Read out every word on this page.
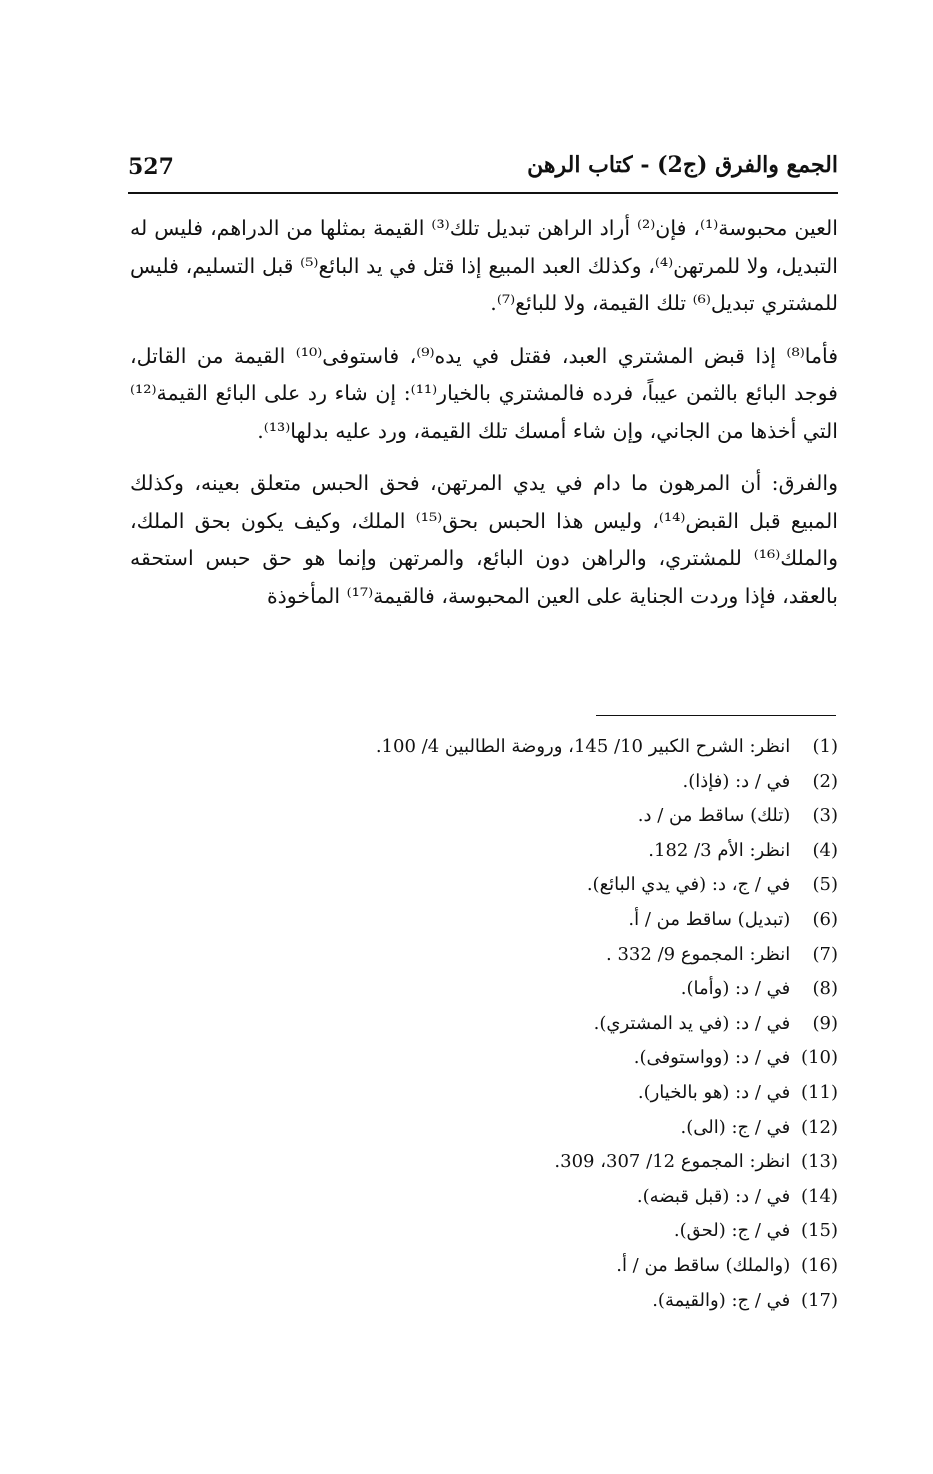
527	الجمع والفرق (ج2) - كتاب الرهن

العين محبوسة⁽¹⁾، فإن⁽²⁾ أراد الراهن تبديل تلك⁽³⁾ القيمة بمثلها من الدراهم، فليس له التبديل، ولا للمرتهن⁽⁴⁾، وكذلك العبد المبيع إذا قتل في يد البائع⁽⁵⁾ قبل التسليم، فليس للمشتري تبديل⁽⁶⁾ تلك القيمة، ولا للبائع⁽⁷⁾.

فأما⁽⁸⁾ إذا قبض المشتري العبد، فقتل في يده⁽⁹⁾، فاستوفى⁽¹⁰⁾ القيمة من القاتل، فوجد البائع بالثمن عيباً، فرده فالمشتري بالخيار⁽¹¹⁾: إن شاء رد على البائع القيمة⁽¹²⁾ التي أخذها من الجاني، وإن شاء أمسك تلك القيمة، ورد عليه بدلها⁽¹³⁾.

والفرق: أن المرهون ما دام في يدي المرتهن، فحق الحبس متعلق بعينه، وكذلك المبيع قبل القبض⁽¹⁴⁾، وليس هذا الحبس بحق⁽¹⁵⁾ الملك، وكيف يكون بحق الملك، والملك⁽¹⁶⁾ للمشتري، والراهن دون البائع، والمرتهن وإنما هو حق حبس استحقه بالعقد، فإذا وردت الجناية على العين المحبوسة، فالقيمة⁽¹⁷⁾ المأخوذة

(1) انظر: الشرح الكبير 10/ 145، وروضة الطالبين 4/ 100.
(2) في / د: (فإذا).
(3) (تلك) ساقط من / د.
(4) انظر: الأم 3/ 182.
(5) في / ج، د: (في يدي البائع).
(6) (تبديل) ساقط من / أ.
(7) انظر: المجموع 9/ 332 .
(8) في / د: (وأما).
(9) في / د: (في يد المشتري).
(10) في / د: (وواستوفى).
(11) في / د: (هو بالخيار).
(12) في / ج: (الى).
(13) انظر: المجموع 12/ 307، 309.
(14) في / د: (قبل قبضه).
(15) في / ج: (لحق).
(16) (والملك) ساقط من / أ.
(17) في / ج: (والقيمة).
